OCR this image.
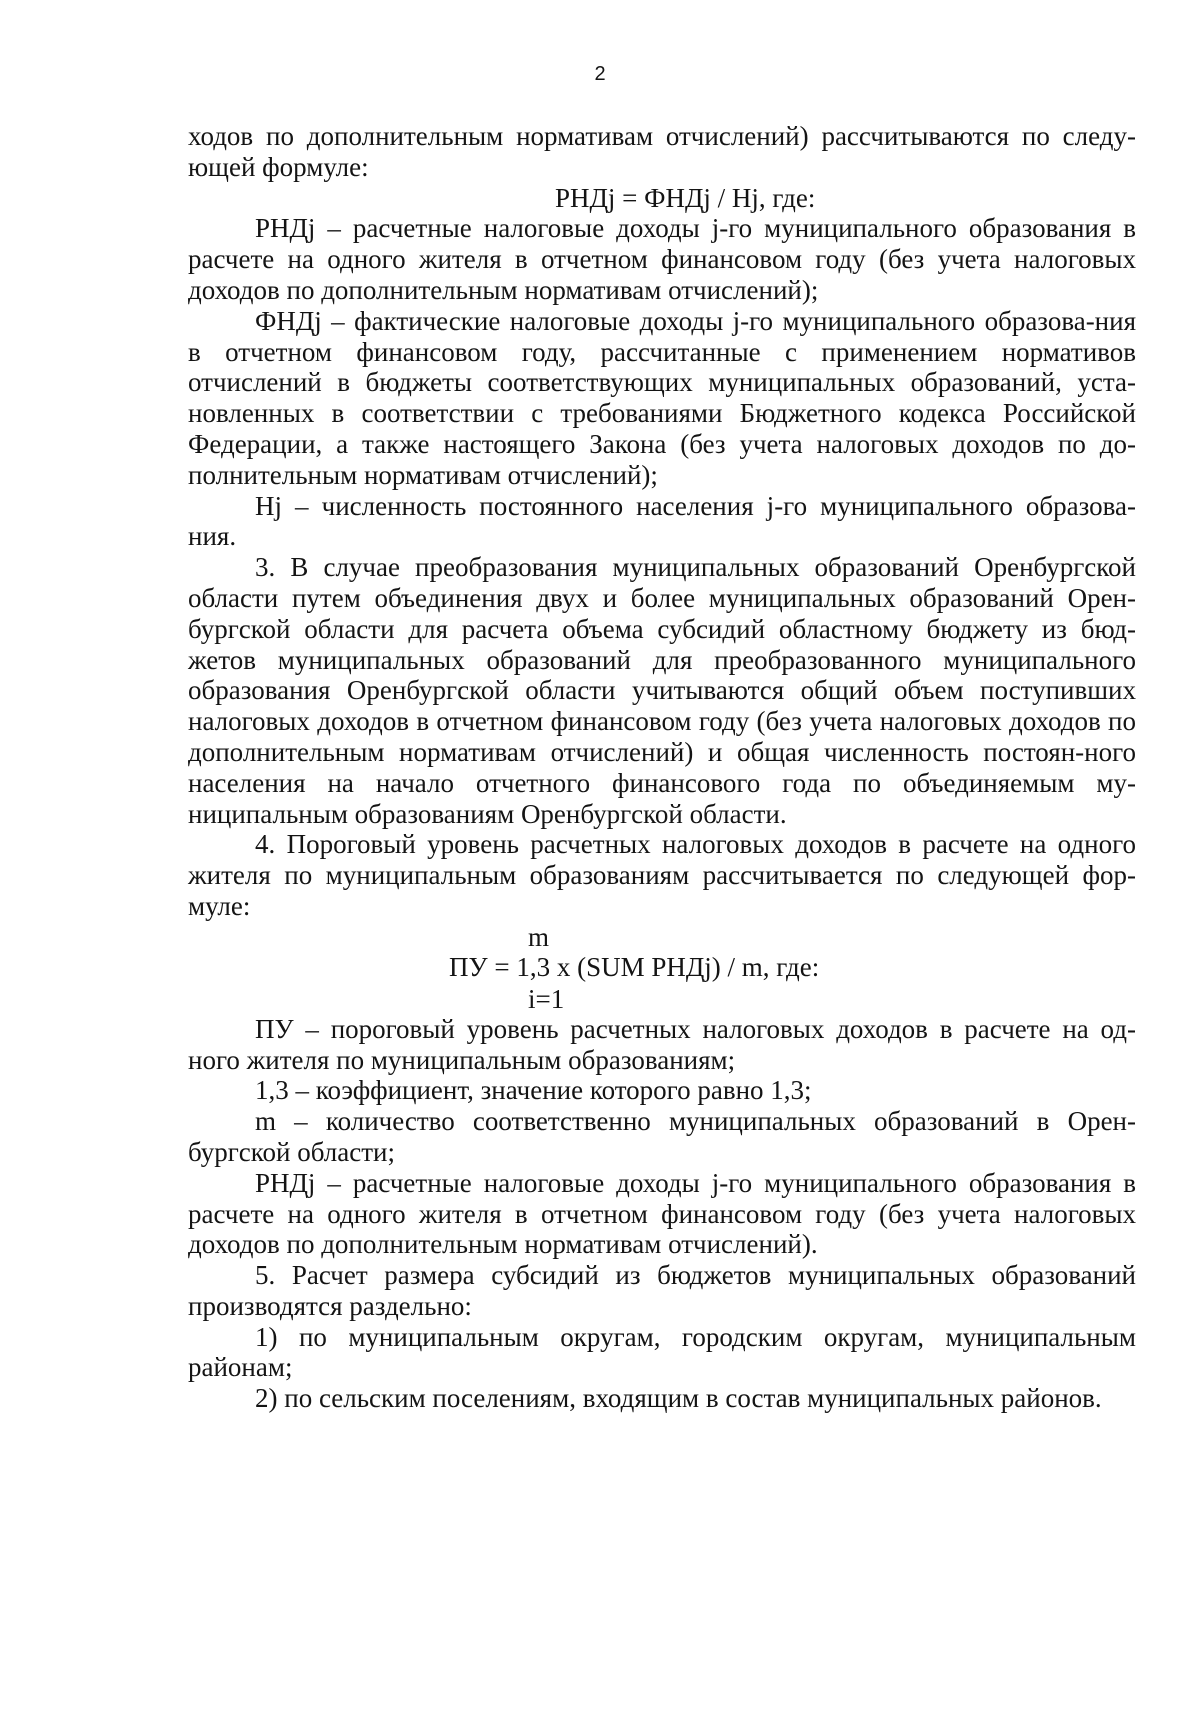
2

ходов по дополнительным нормативам отчислений) рассчитываются по следу-ющей формуле:

РНДj = ФНДj / Нj, где:

РНДj – расчетные налоговые доходы j-го муниципального образования в расчете на одного жителя в отчетном финансовом году (без учета налоговых доходов по дополнительным нормативам отчислений);

ФНДj – фактические налоговые доходы j-го муниципального образова-ния в отчетном финансовом году, рассчитанные с применением нормативов отчислений в бюджеты соответствующих муниципальных образований, уста-новленных в соответствии с требованиями Бюджетного кодекса Российской Федерации, а также настоящего Закона (без учета налоговых доходов по до-полнительным нормативам отчислений);

Нj – численность постоянного населения j-го муниципального образова-ния.

3. В случае преобразования муниципальных образований Оренбургской области путем объединения двух и более муниципальных образований Орен-бургской области для расчета объема субсидий областному бюджету из бюд-жетов муниципальных образований для преобразованного муниципального образования Оренбургской области учитываются общий объем поступивших налоговых доходов в отчетном финансовом году (без учета налоговых доходов по дополнительным нормативам отчислений) и общая численность постоян-ного населения на начало отчетного финансового года по объединяемым му-ниципальным образованиям Оренбургской области.

4. Пороговый уровень расчетных налоговых доходов в расчете на одного жителя по муниципальным образованиям рассчитывается по следующей фор-муле:

m
ПУ = 1,3 x (SUM РНДj) / m, где:
i=1

ПУ – пороговый уровень расчетных налоговых доходов в расчете на од-ного жителя по муниципальным образованиям;

1,3 – коэффициент, значение которого равно 1,3;

m – количество соответственно муниципальных образований в Орен-бургской области;

РНДj – расчетные налоговые доходы j-го муниципального образования в расчете на одного жителя в отчетном финансовом году (без учета налоговых доходов по дополнительным нормативам отчислений).

5. Расчет размера субсидий из бюджетов муниципальных образований производятся раздельно:

1) по муниципальным округам, городским округам, муниципальным районам;

2) по сельским поселениям, входящим в состав муниципальных районов.
